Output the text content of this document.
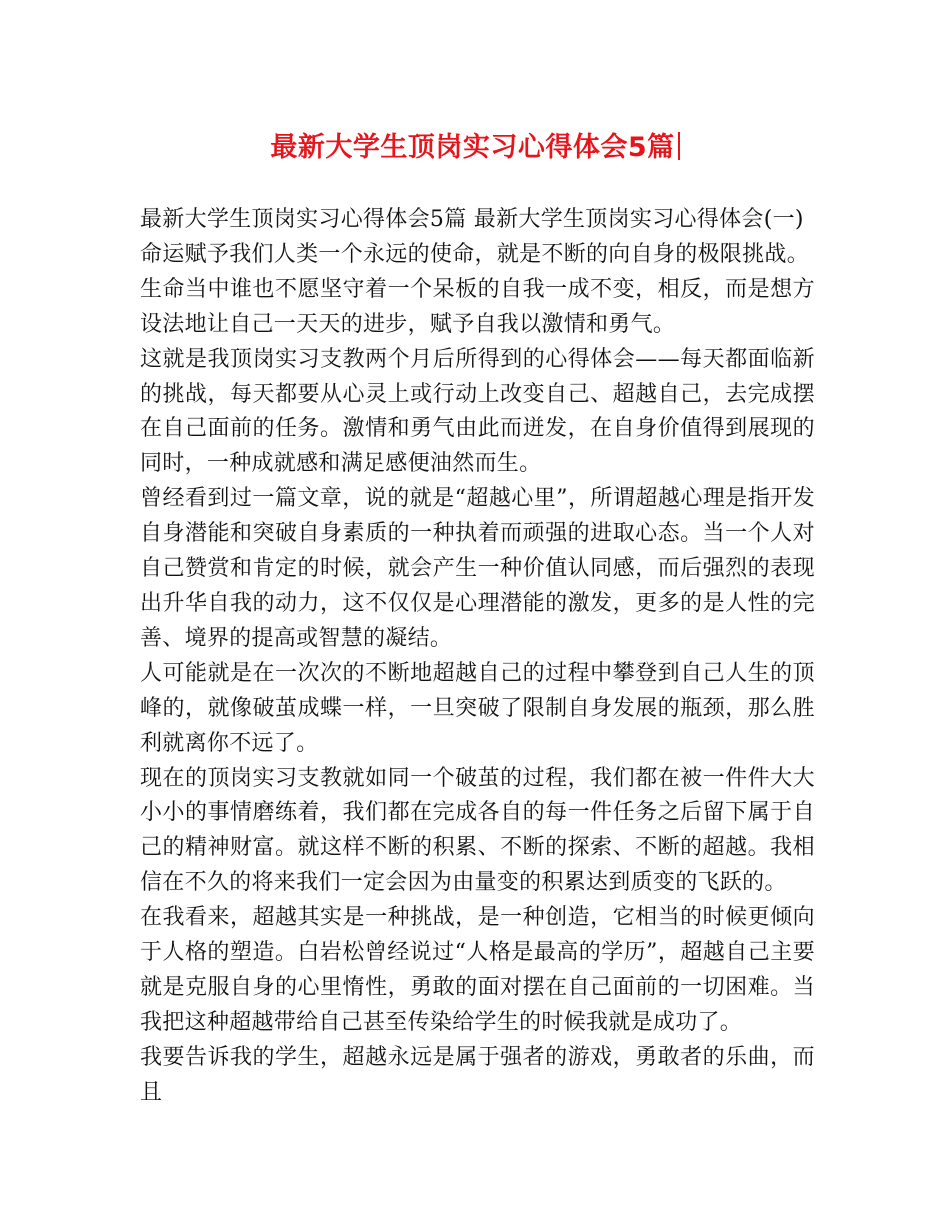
最新大学生顶岗实习心得体会5篇

最新大学生顶岗实习心得体会5篇 最新大学生顶岗实习心得体会(一)

命运赋予我们人类一个永远的使命，就是不断的向自身的极限挑战。

生命当中谁也不愿坚守着一个呆板的自我一成不变，相反，而是想方设法地让自己一天天的进步，赋予自我以激情和勇气。

这就是我顶岗实习支教两个月后所得到的心得体会——每天都面临新的挑战，每天都要从心灵上或行动上改变自己、超越自己，去完成摆在自己面前的任务。激情和勇气由此而迸发，在自身价值得到展现的同时，一种成就感和满足感便油然而生。

曾经看到过一篇文章，说的就是“超越心里”，所谓超越心理是指开发自身潜能和突破自身素质的一种执着而顽强的进取心态。当一个人对自己赞赏和肯定的时候，就会产生一种价值认同感，而后强烈的表现出升华自我的动力，这不仅仅是心理潜能的激发，更多的是人性的完善、境界的提高或智慧的凝结。

人可能就是在一次次的不断地超越自己的过程中攀登到自己人生的顶峰的，就像破茧成蝶一样，一旦突破了限制自身发展的瓶颈，那么胜利就离你不远了。

现在的顶岗实习支教就如同一个破茧的过程，我们都在被一件件大大小小的事情磨练着，我们都在完成各自的每一件任务之后留下属于自己的精神财富。就这样不断的积累、不断的探索、不断的超越。我相信在不久的将来我们一定会因为由量变的积累达到质变的飞跃的。

在我看来，超越其实是一种挑战，是一种创造，它相当的时候更倾向于人格的塑造。白岩松曾经说过“人格是最高的学历”，超越自己主要就是克服自身的心里惰性，勇敢的面对摆在自己面前的一切困难。当我把这种超越带给自己甚至传染给学生的时候我就是成功了。

我要告诉我的学生，超越永远是属于强者的游戏，勇敢者的乐曲，而且
